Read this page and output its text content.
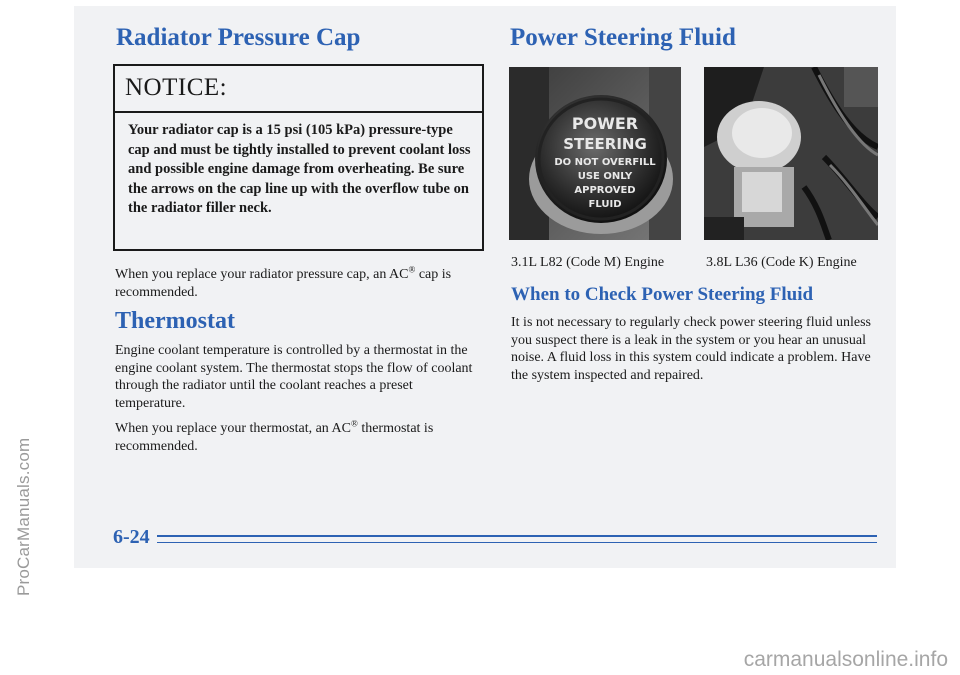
Radiator Pressure Cap
NOTICE:

Your radiator cap is a 15 psi (105 kPa) pressure-type cap and must be tightly installed to prevent coolant loss and possible engine damage from overheating. Be sure the arrows on the cap line up with the overflow tube on the radiator filler neck.

When you replace your radiator pressure cap, an AC® cap is recommended.

Thermostat

Engine coolant temperature is controlled by a thermostat in the engine coolant system. The thermostat stops the flow of coolant through the radiator until the coolant reaches a preset temperature.

When you replace your thermostat, an AC® thermostat is recommended.

Power Steering Fluid
POWER
STEERING
DO NOT OVERFILL
USE ONLY
APPROVED
FLUID

3.1L L82 (Code M) Engine	3.8L L36 (Code K) Engine

When to Check Power Steering Fluid

It is not necessary to regularly check power steering fluid unless you suspect there is a leak in the system or you hear an unusual noise. A fluid loss in this system could indicate a problem. Have the system inspected and repaired.

6-24

ProCarManuals.com
carmanualsonline.info
